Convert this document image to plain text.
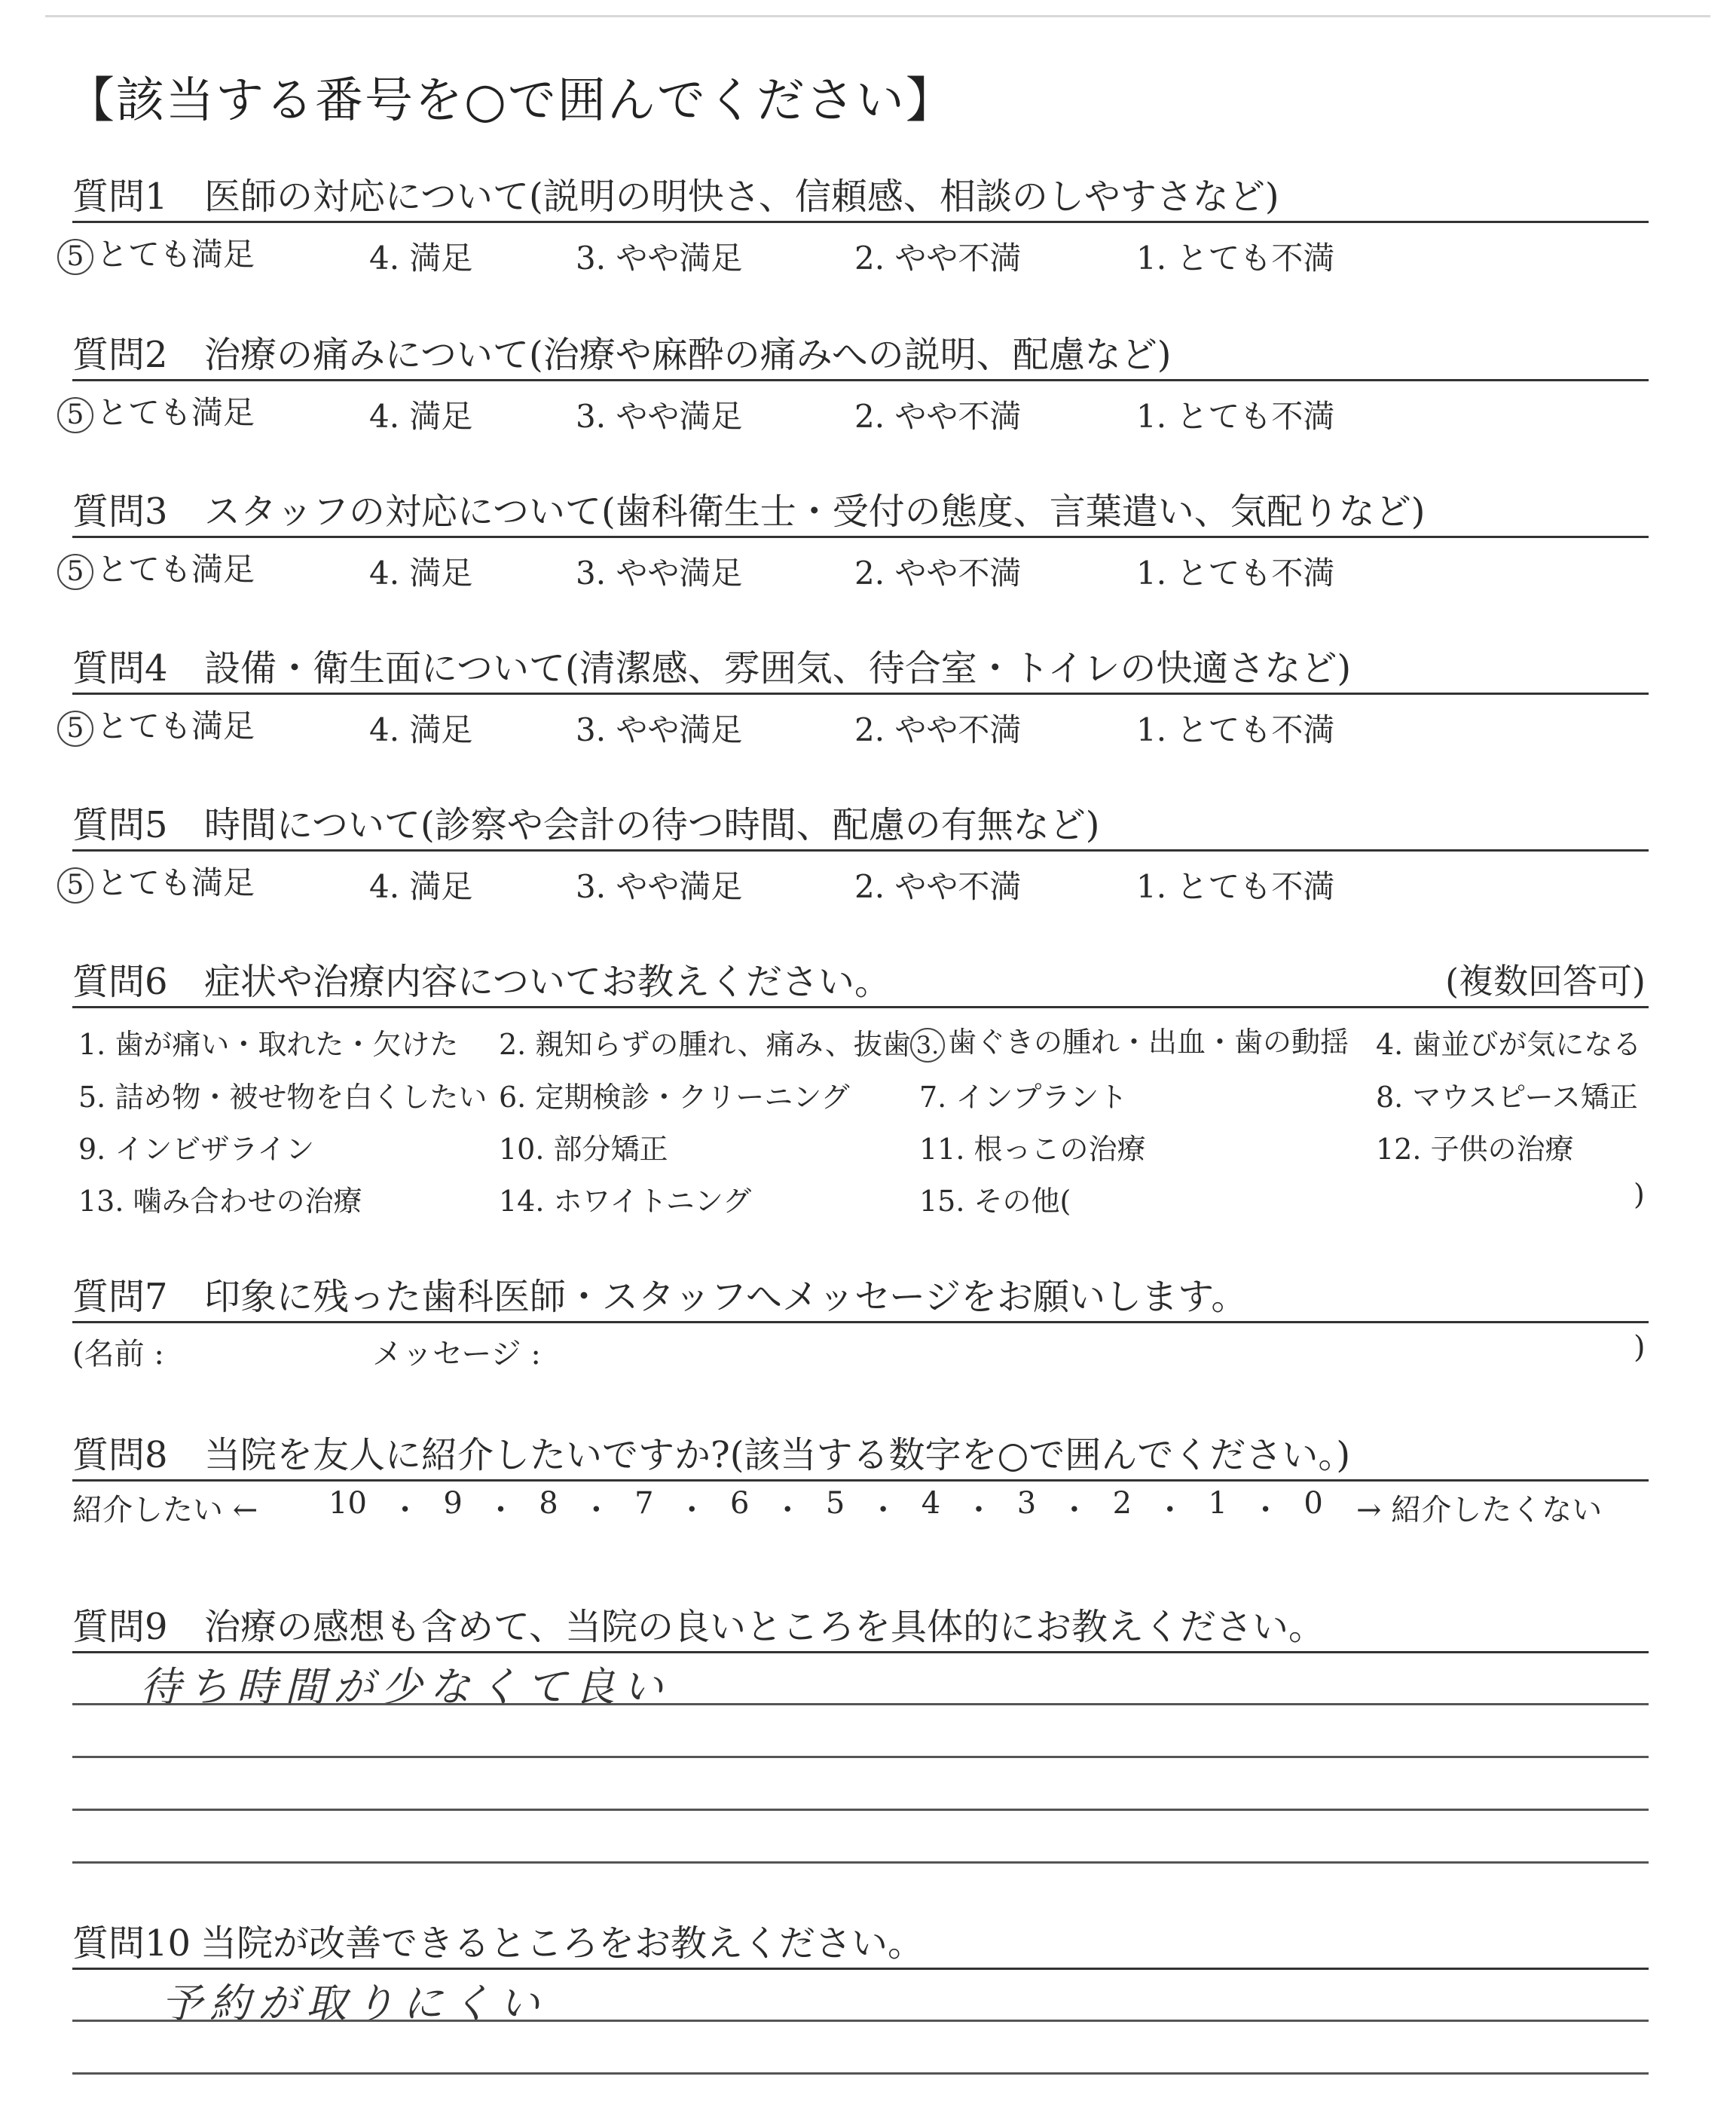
【該当する番号を○で囲んでください】
質問1 医師の対応について(説明の明快さ、信頼感、相談のしやすさなど)
5 とても満足	4. 満足	3. やや満足	2. やや不満	1. とても不満
質問2 治療の痛みについて(治療や麻酔の痛みへの説明、配慮など)
5 とても満足	4. 満足	3. やや満足	2. やや不満	1. とても不満
質問3 スタッフの対応について(歯科衛生士・受付の態度、言葉遣い、気配りなど)
5 とても満足	4. 満足	3. やや満足	2. やや不満	1. とても不満
質問4 設備・衛生面について(清潔感、雰囲気、待合室・トイレの快適さなど)
5 とても満足	4. 満足	3. やや満足	2. やや不満	1. とても不満
質問5 時間について(診察や会計の待つ時間、配慮の有無など)
5 とても満足	4. 満足	3. やや満足	2. やや不満	1. とても不満
質問6 症状や治療内容についてお教えください。	(複数回答可)
1. 歯が痛い・取れた・欠けた 2. 親知らずの腫れ、痛み、抜歯 3. 歯ぐきの腫れ・出血・歯の動揺 4. 歯並びが気になる
5. 詰め物・被せ物を白くしたい 6. 定期検診・クリーニング 7. インプラント	8. マウスピース矯正
9. インビザライン	10. 部分矯正	11. 根っこの治療	12. 子供の治療
13. 噛み合わせの治療	14. ホワイトニング	15. その他(	)
質問7 印象に残った歯科医師・スタッフへメッセージをお願いします。
(名前 :	メッセージ :	)
質問8 当院を友人に紹介したいですか?(該当する数字を○で囲んでください。)
紹介したい ← 10 ・ 9 ・ 8 ・ 7 ・ 6 ・ 5 ・ 4 ・ 3 ・ 2 ・ 1 ・ 0 → 紹介したくない
質問9 治療の感想も含めて、当院の良いところを具体的にお教えください。
待ち時間が少なくて良い
質問10 当院が改善できるところをお教えください。
予約が取りにくい
